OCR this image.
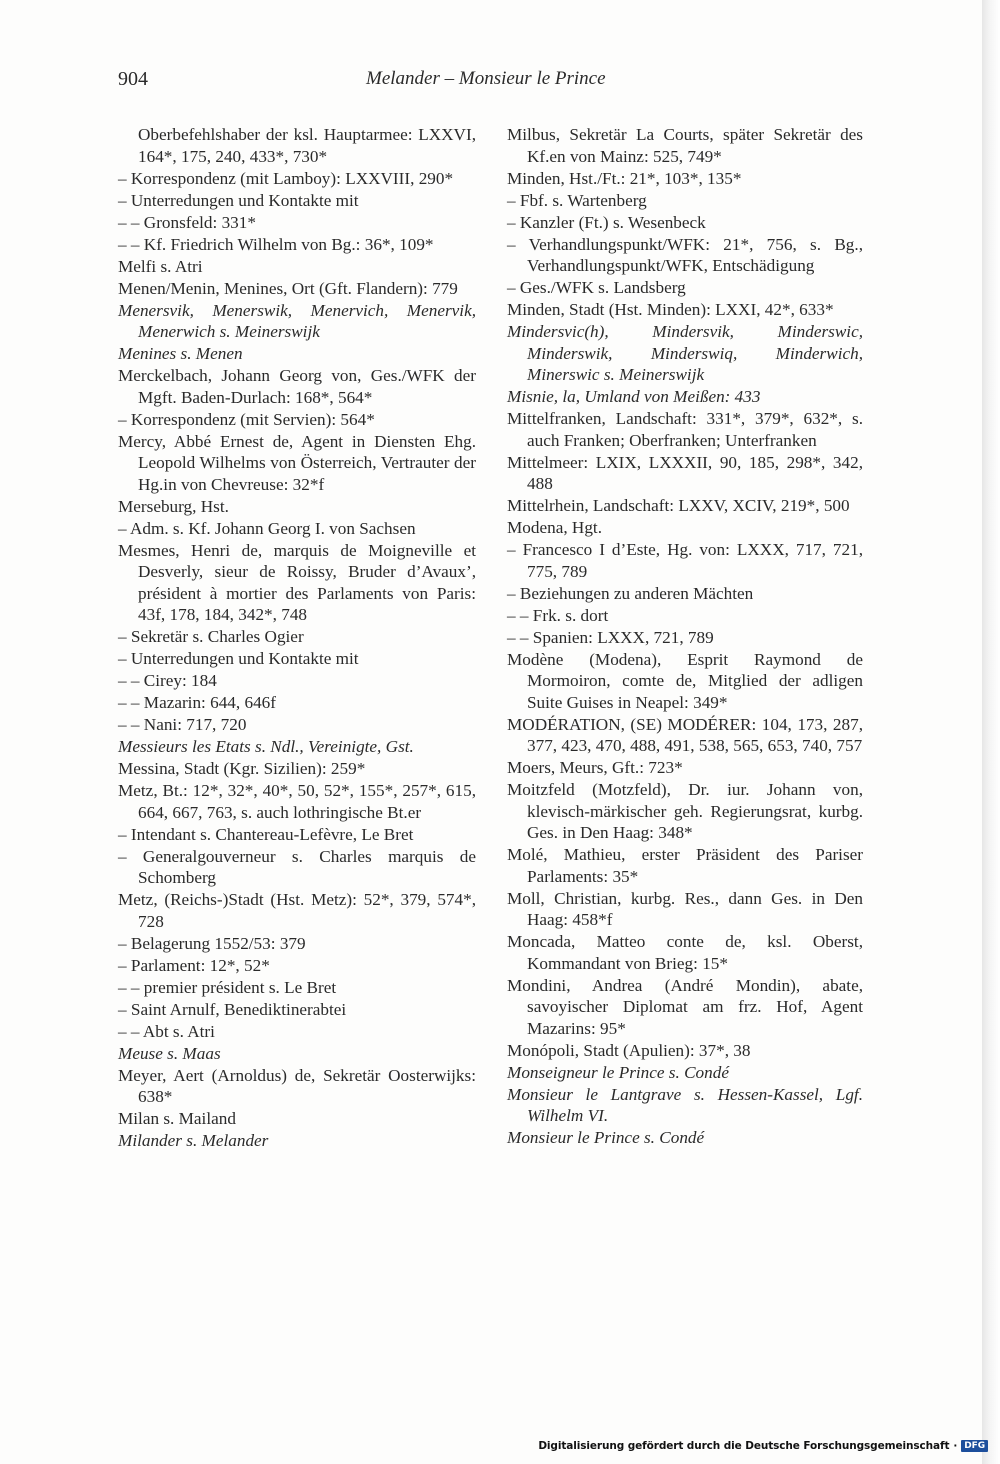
904	Melander – Monsieur le Prince
Oberbefehlshaber der ksl. Hauptarmee: LXXVI, 164*, 175, 240, 433*, 730*
– Korrespondenz (mit Lamboy): LXXVIII, 290*
– Unterredungen und Kontakte mit
– – Gronsfeld: 331*
– – Kf. Friedrich Wilhelm von Bg.: 36*, 109*
Melfi s. Atri
Menen/Menin, Menines, Ort (Gft. Flandern): 779
Menersvik, Menerswik, Menervich, Menervik, Menerwich s. Meinerswijk
Menines s. Menen
Merckelbach, Johann Georg von, Ges./WFK der Mgft. Baden-Durlach: 168*, 564*
– Korrespondenz (mit Servien): 564*
Mercy, Abbé Ernest de, Agent in Diensten Ehg. Leopold Wilhelms von Österreich, Vertrauter der Hg.in von Chevreuse: 32*f
Merseburg, Hst.
– Adm. s. Kf. Johann Georg I. von Sachsen
Mesmes, Henri de, marquis de Moigneville et Desverly, sieur de Roissy, Bruder d’Avaux’, président à mortier des Parlaments von Paris: 43f, 178, 184, 342*, 748
– Sekretär s. Charles Ogier
– Unterredungen und Kontakte mit
– – Cirey: 184
– – Mazarin: 644, 646f
– – Nani: 717, 720
Messieurs les Etats s. Ndl., Vereinigte, Gst.
Messina, Stadt (Kgr. Sizilien): 259*
Metz, Bt.: 12*, 32*, 40*, 50, 52*, 155*, 257*, 615, 664, 667, 763, s. auch lothringische Bt.er
– Intendant s. Chantereau-Lefèvre, Le Bret
– Generalgouverneur s. Charles marquis de Schomberg
Metz, (Reichs-)Stadt (Hst. Metz): 52*, 379, 574*, 728
– Belagerung 1552/53: 379
– Parlament: 12*, 52*
– – premier président s. Le Bret
– Saint Arnulf, Benediktinerabtei
– – Abt s. Atri
Meuse s. Maas
Meyer, Aert (Arnoldus) de, Sekretär Oosterwijks: 638*
Milan s. Mailand
Milander s. Melander
Milbus, Sekretär La Courts, später Sekretär des Kf.en von Mainz: 525, 749*
Minden, Hst./Ft.: 21*, 103*, 135*
– Fbf. s. Wartenberg
– Kanzler (Ft.) s. Wesenbeck
– Verhandlungspunkt/WFK: 21*, 756, s. Bg., Verhandlungspunkt/WFK, Entschädigung
– Ges./WFK s. Landsberg
Minden, Stadt (Hst. Minden): LXXI, 42*, 633*
Mindersvic(h), Mindersvik, Minderswic, Minderswik, Minderswiq, Minderwich, Minerswic s. Meinerswijk
Misnie, la, Umland von Meißen: 433
Mittelfranken, Landschaft: 331*, 379*, 632*, s. auch Franken; Oberfranken; Unterfranken
Mittelmeer: LXIX, LXXXII, 90, 185, 298*, 342, 488
Mittelrhein, Landschaft: LXXV, XCIV, 219*, 500
Modena, Hgt.
– Francesco I d’Este, Hg. von: LXXX, 717, 721, 775, 789
– Beziehungen zu anderen Mächten
– – Frk. s. dort
– – Spanien: LXXX, 721, 789
Modène (Modena), Esprit Raymond de Mormoiron, comte de, Mitglied der adligen Suite Guises in Neapel: 349*
MODÉRATION, (SE) MODÉRER: 104, 173, 287, 377, 423, 470, 488, 491, 538, 565, 653, 740, 757
Moers, Meurs, Gft.: 723*
Moitzfeld (Motzfeld), Dr. iur. Johann von, klevisch-märkischer geh. Regierungsrat, kurbg. Ges. in Den Haag: 348*
Molé, Mathieu, erster Präsident des Pariser Parlaments: 35*
Moll, Christian, kurbg. Res., dann Ges. in Den Haag: 458*f
Moncada, Matteo conte de, ksl. Oberst, Kommandant von Brieg: 15*
Mondini, Andrea (André Mondin), abate, savoyischer Diplomat am frz. Hof, Agent Mazarins: 95*
Monópoli, Stadt (Apulien): 37*, 38
Monseigneur le Prince s. Condé
Monsieur le Lantgrave s. Hessen-Kassel, Lgf. Wilhelm VI.
Monsieur le Prince s. Condé
Digitalisierung gefördert durch die Deutsche Forschungsgemeinschaft · DFG
